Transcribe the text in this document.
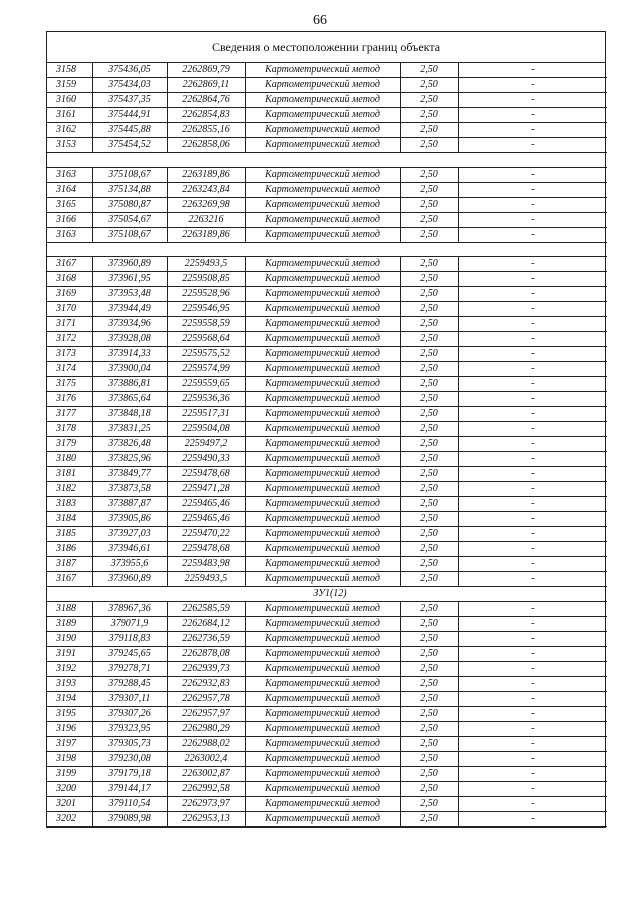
66
Сведения о местоположении границ объекта
3158	375436,05	2262869,79	Картометрический метод	2,50	-
3159	375434,03	2262869,11	Картометрический метод	2,50	-
3160	375437,35	2262864,76	Картометрический метод	2,50	-
3161	375444,91	2262854,83	Картометрический метод	2,50	-
3162	375445,88	2262855,16	Картометрический метод	2,50	-
3153	375454,52	2262858,06	Картометрический метод	2,50	-

3163	375108,67	2263189,86	Картометрический метод	2,50	-
3164	375134,88	2263243,84	Картометрический метод	2,50	-
3165	375080,87	2263269,98	Картометрический метод	2,50	-
3166	375054,67	2263216	Картометрический метод	2,50	-
3163	375108,67	2263189,86	Картометрический метод	2,50	-

3167	373960,89	2259493,5	Картометрический метод	2,50	-
3168	373961,95	2259508,85	Картометрический метод	2,50	-
3169	373953,48	2259528,96	Картометрический метод	2,50	-
3170	373944,49	2259546,95	Картометрический метод	2,50	-
3171	373934,96	2259558,59	Картометрический метод	2,50	-
3172	373928,08	2259568,64	Картометрический метод	2,50	-
3173	373914,33	2259575,52	Картометрический метод	2,50	-
3174	373900,04	2259574,99	Картометрический метод	2,50	-
3175	373886,81	2259559,65	Картометрический метод	2,50	-
3176	373865,64	2259536,36	Картометрический метод	2,50	-
3177	373848,18	2259517,31	Картометрический метод	2,50	-
3178	373831,25	2259504,08	Картометрический метод	2,50	-
3179	373826,48	2259497,2	Картометрический метод	2,50	-
3180	373825,96	2259490,33	Картометрический метод	2,50	-
3181	373849,77	2259478,68	Картометрический метод	2,50	-
3182	373873,58	2259471,28	Картометрический метод	2,50	-
3183	373887,87	2259465,46	Картометрический метод	2,50	-
3184	373905,86	2259465,46	Картометрический метод	2,50	-
3185	373927,03	2259470,22	Картометрический метод	2,50	-
3186	373946,61	2259478,68	Картометрический метод	2,50	-
3187	373955,6	2259483,98	Картометрический метод	2,50	-
3167	373960,89	2259493,5	Картометрический метод	2,50	-
ЗУ1(12)					
3188	378967,36	2262585,59	Картометрический метод	2,50	-
3189	379071,9	2262684,12	Картометрический метод	2,50	-
3190	379118,83	2262736,59	Картометрический метод	2,50	-
3191	379245,65	2262878,08	Картометрический метод	2,50	-
3192	379278,71	2262939,73	Картометрический метод	2,50	-
3193	379288,45	2262932,83	Картометрический метод	2,50	-
3194	379307,11	2262957,78	Картометрический метод	2,50	-
3195	379307,26	2262957,97	Картометрический метод	2,50	-
3196	379323,95	2262980,29	Картометрический метод	2,50	-
3197	379305,73	2262988,02	Картометрический метод	2,50	-
3198	379230,08	2263002,4	Картометрический метод	2,50	-
3199	379179,18	2263002,87	Картометрический метод	2,50	-
3200	379144,17	2262992,58	Картометрический метод	2,50	-
3201	379110,54	2262973,97	Картометрический метод	2,50	-
3202	379089,98	2262953,13	Картометрический метод	2,50	-
